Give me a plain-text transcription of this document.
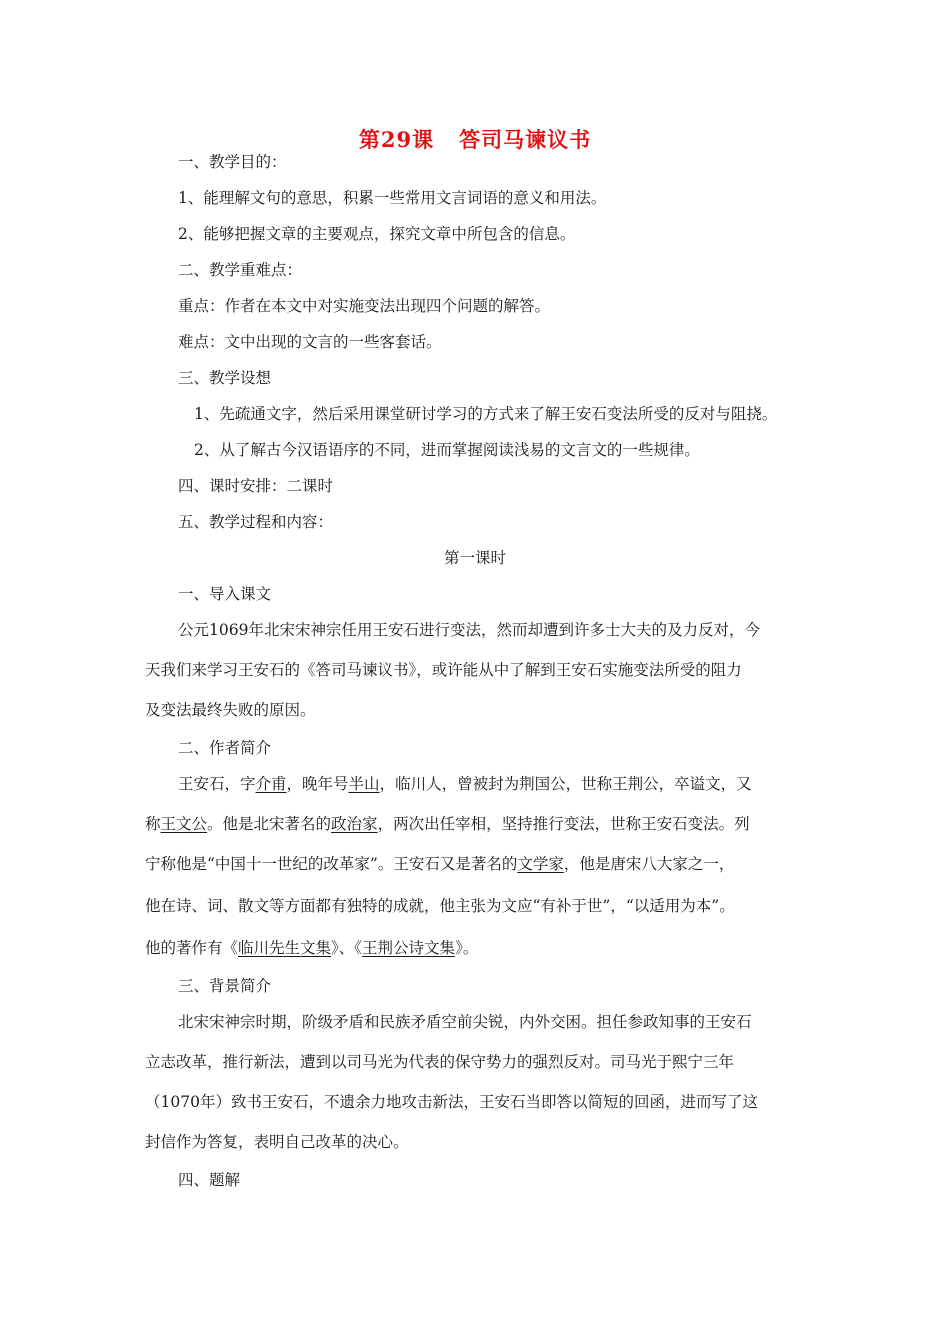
第29课   答司马谏议书
一、教学目的：
1、能理解文句的意思，积累一些常用文言词语的意义和用法。
2、能够把握文章的主要观点，探究文章中所包含的信息。
二、教学重难点：
重点：作者在本文中对实施变法出现四个问题的解答。
难点：文中出现的文言的一些客套话。
三、教学设想
1、先疏通文字，然后采用课堂研讨学习的方式来了解王安石变法所受的反对与阻挠。
2、从了解古今汉语语序的不同，进而掌握阅读浅易的文言文的一些规律。
四、课时安排：二课时
五、教学过程和内容：
第一课时
一、导入课文
公元1069年北宋宋神宗任用王安石进行变法，然而却遭到许多士大夫的及力反对，今
天我们来学习王安石的《答司马谏议书》，或许能从中了解到王安石实施变法所受的阻力
及变法最终失败的原因。
二、作者简介
王安石，字介甫，晚年号半山，临川人，曾被封为荆国公，世称王荆公，卒谥文，又
称王文公。他是北宋著名的政治家，两次出任宰相，坚持推行变法，世称王安石变法。列
宁称他是“中国十一世纪的改革家”。王安石又是著名的文学家，他是唐宋八大家之一，
他在诗、词、散文等方面都有独特的成就，他主张为文应“有补于世”，“以适用为本”。
他的著作有《临川先生文集》、《王荆公诗文集》。
三、背景简介
北宋宋神宗时期，阶级矛盾和民族矛盾空前尖锐，内外交困。担任参政知事的王安石
立志改革，推行新法，遭到以司马光为代表的保守势力的强烈反对。司马光于熙宁三年
（1070年）致书王安石，不遗余力地攻击新法，王安石当即答以简短的回函，进而写了这
封信作为答复，表明自己改革的决心。
四、题解
